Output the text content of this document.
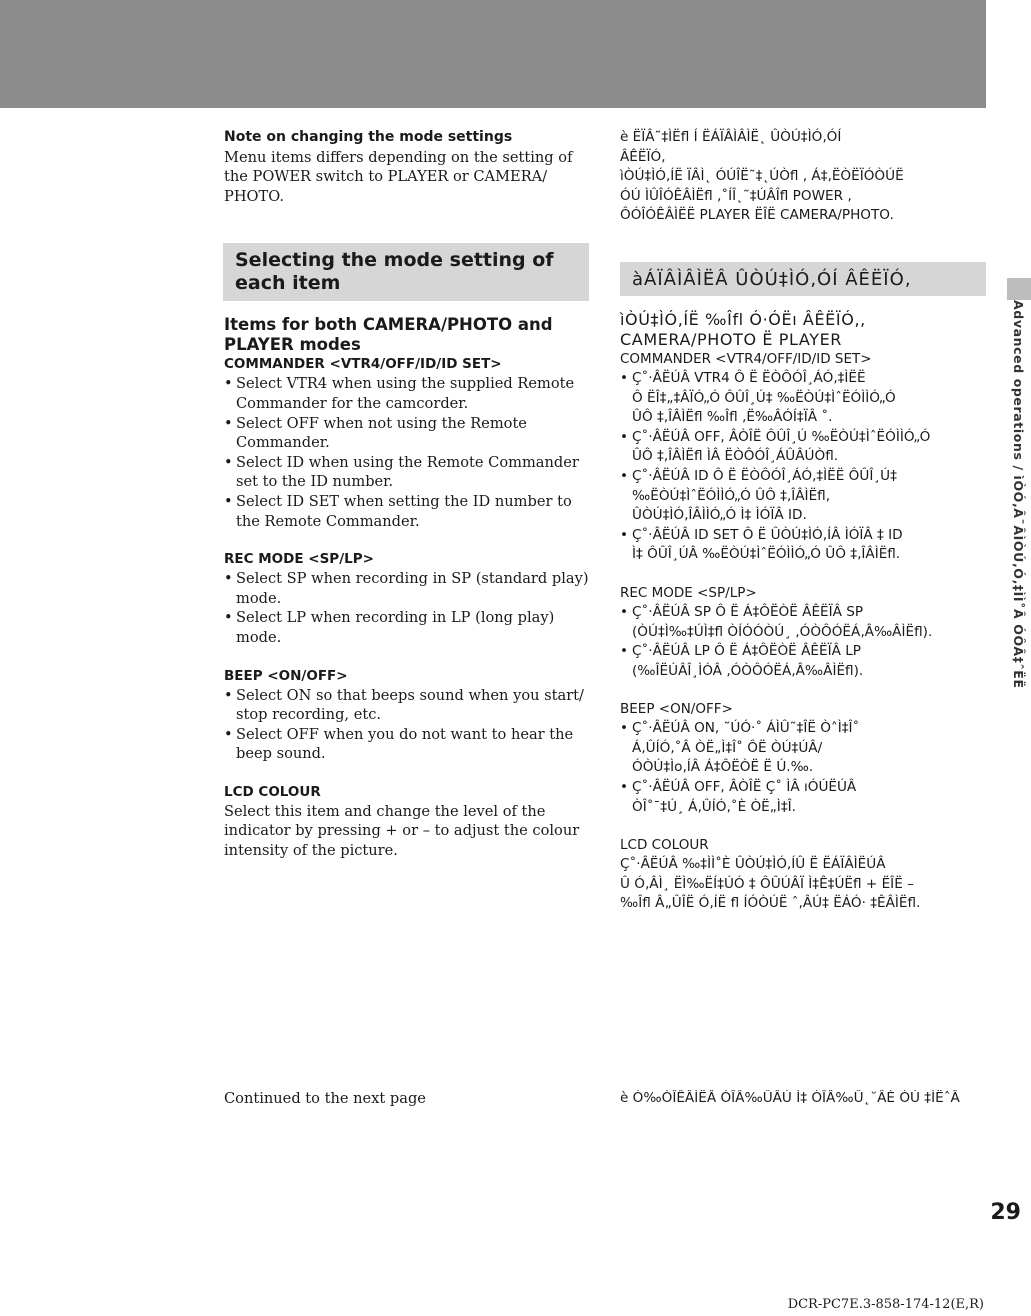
Advanced operations / ìÒÓ‚Â¯ÂÌÒÚ‚Ó‚‡ÌÌ˚Â ÓÔÂ‡ˆËË
Note on changing the mode settings
Menu items differs depending on the setting of the POWER switch to PLAYER or CAMERA/ PHOTO.
Selecting the mode setting of each item
Items for both CAMERA/PHOTO and PLAYER modes
COMMANDER <VTR4/OFF/ID/ID SET>
• Select VTR4 when using the supplied Remote Commander for the camcorder.
• Select OFF when not using the Remote Commander.
• Select ID when using the Remote Commander set to the ID number.
• Select ID SET when setting the ID number to the Remote Commander.
REC MODE <SP/LP>
• Select SP when recording in SP (standard play) mode.
• Select LP when recording in LP (long play) mode.
BEEP <ON/OFF>
• Select ON so that beeps sound when you start/ stop recording, etc.
• Select OFF when you do not want to hear the beep sound.
LCD COLOUR
Select this item and change the level of the indicator by pressing + or – to adjust the colour intensity of the picture.
è ËÏÂ˜‡ÌËfl Í ËÁÏÂÌÂÌË˛ ÛÒÚ‡ÌÓ‚ÓÍ
ÂÊËÏÓ‚
ìÒÚ‡ÌÓ‚ÍË ÏÂÌ˛ ÓÚÎË˜‡˛ÚÒfl ‚ Á‡‚ËÒËÏÓÒÚË
ÓÚ ÌÛÎÓÊÂÌËfl ‚˚ÍÎ˛˜‡ÚÂÎfl POWER ‚
ÔÓÎÓÊÂÌËË PLAYER ËÎË CAMERA/PHOTO.
àÁÏÂÌÂÌËÂ ÛÒÚ‡ÌÓ‚ÓÍ ÂÊËÏÓ‚
ìÒÚ‡ÌÓ‚ÍË ‰Îfl Ó·ÓËı ÂÊËÏÓ‚,
CAMERA/PHOTO Ë PLAYER
COMMANDER <VTR4/OFF/ID/ID SET>
• Ç˚·ÂËÚÂ VTR4 Ô Ë ËÒÔÓÎ¸ÁÓ‚‡ÌËË
Ô ËÎ‡„‡ÂÏÓ„Ó ÔÛÎ¸Ú‡ ‰ËÒÚ‡ÌˆËÓÌÌÓ„Ó
ÛÔ ‡‚ÎÂÌËfl ‰Îfl ‚Ë‰ÂÓÍ‡ÏÂ ˚.
• Ç˚·ÂËÚÂ OFF, ÂÒÎË ÔÛÎ¸Ú ‰ËÒÚ‡ÌˆËÓÌÌÓ„Ó
ÛÔ ‡‚ÎÂÌËfl ÌÂ ËÒÔÓÎ¸ÁÛÂÚÒfl.
• Ç˚·ÂËÚÂ ID Ô Ë ËÒÔÓÎ¸ÁÓ‚‡ÌËË ÔÛÎ¸Ú‡
‰ËÒÚ‡ÌˆËÓÌÌÓ„Ó ÛÔ ‡‚ÎÂÌËfl,
ÛÒÚ‡ÌÓ‚ÎÂÌÌÓ„Ó Ì‡ ÌÓÏÂ ID.
• Ç˚·ÂËÚÂ ID SET Ô Ë ÛÒÚ‡ÌÓ‚ÍÂ ÌÓÏÂ ‡ ID
Ì‡ ÔÛÎ¸ÚÂ ‰ËÒÚ‡ÌˆËÓÌÌÓ„Ó ÛÔ ‡‚ÎÂÌËfl.
REC MODE <SP/LP>
• Ç˚·ÂËÚÂ SP Ô Ë Á‡ÔËÒË ÂÊËÏÂ SP
(ÒÚ‡Ì‰‡ÚÌ‡fl ÒÍÓÓÒÚ¸ ‚ÓÒÔÓËÁ‚Â‰ÂÌËfl).
• Ç˚·ÂËÚÂ LP Ô Ë Á‡ÔËÒË ÂÊËÏÂ LP
(‰ÎËÚÂÎ¸ÌÓÂ ‚ÓÒÔÓËÁ‚Â‰ÂÌËfl).
BEEP <ON/OFF>
• Ç˚·ÂËÚÂ ON, ˜ÚÓ·˚ ÁÌÛ˜‡ÎË Ò˄Ì‡Î˚
Á‚ÛÍÓ‚˚Â ÒË„Ì‡Î˚ ÔË ÒÚ‡ÚÂ/
ÓÒÚ‡Ìo‚ÍÂ Á‡ÔËÒË Ë Ú.‰.
• Ç˚·ÂËÚÂ OFF, ÂÒÎË Ç˚ ÌÂ ıÓÚËÚÂ
ÒÎ˚¯‡Ú¸ Á‚ÛÍÓ‚˚È ÒË„Ì‡Î.
LCD COLOUR
Ç˚·ÂËÚÂ ‰‡ÌÌ˚È ÛÒÚ‡ÌÓ‚ÍÛ Ë ËÁÏÂÌËÚÂ
Û Ó‚ÂÌ¸ ËÌ‰ËÍ‡ÚÓ ‡ ÔÛÚÂÏ Ì‡Ê‡ÚËfl + ËÎË –
‰Îfl Â„ÛÎË Ó‚ÍË fl ÍÓÒÚË ˆ‚ÂÚ‡ ËÁÓ· ‡ÊÂÌËfl.
Continued to the next page	è Ó‰ÓÎÊÂÌËÂ ÒÎÂ‰ÛÂÚ Ì‡ ÒÎÂ‰Û˛˘ÂÈ ÒÚ ‡ÌËˆÂ
29
DCR-PC7E.3-858-174-12(E,R)
